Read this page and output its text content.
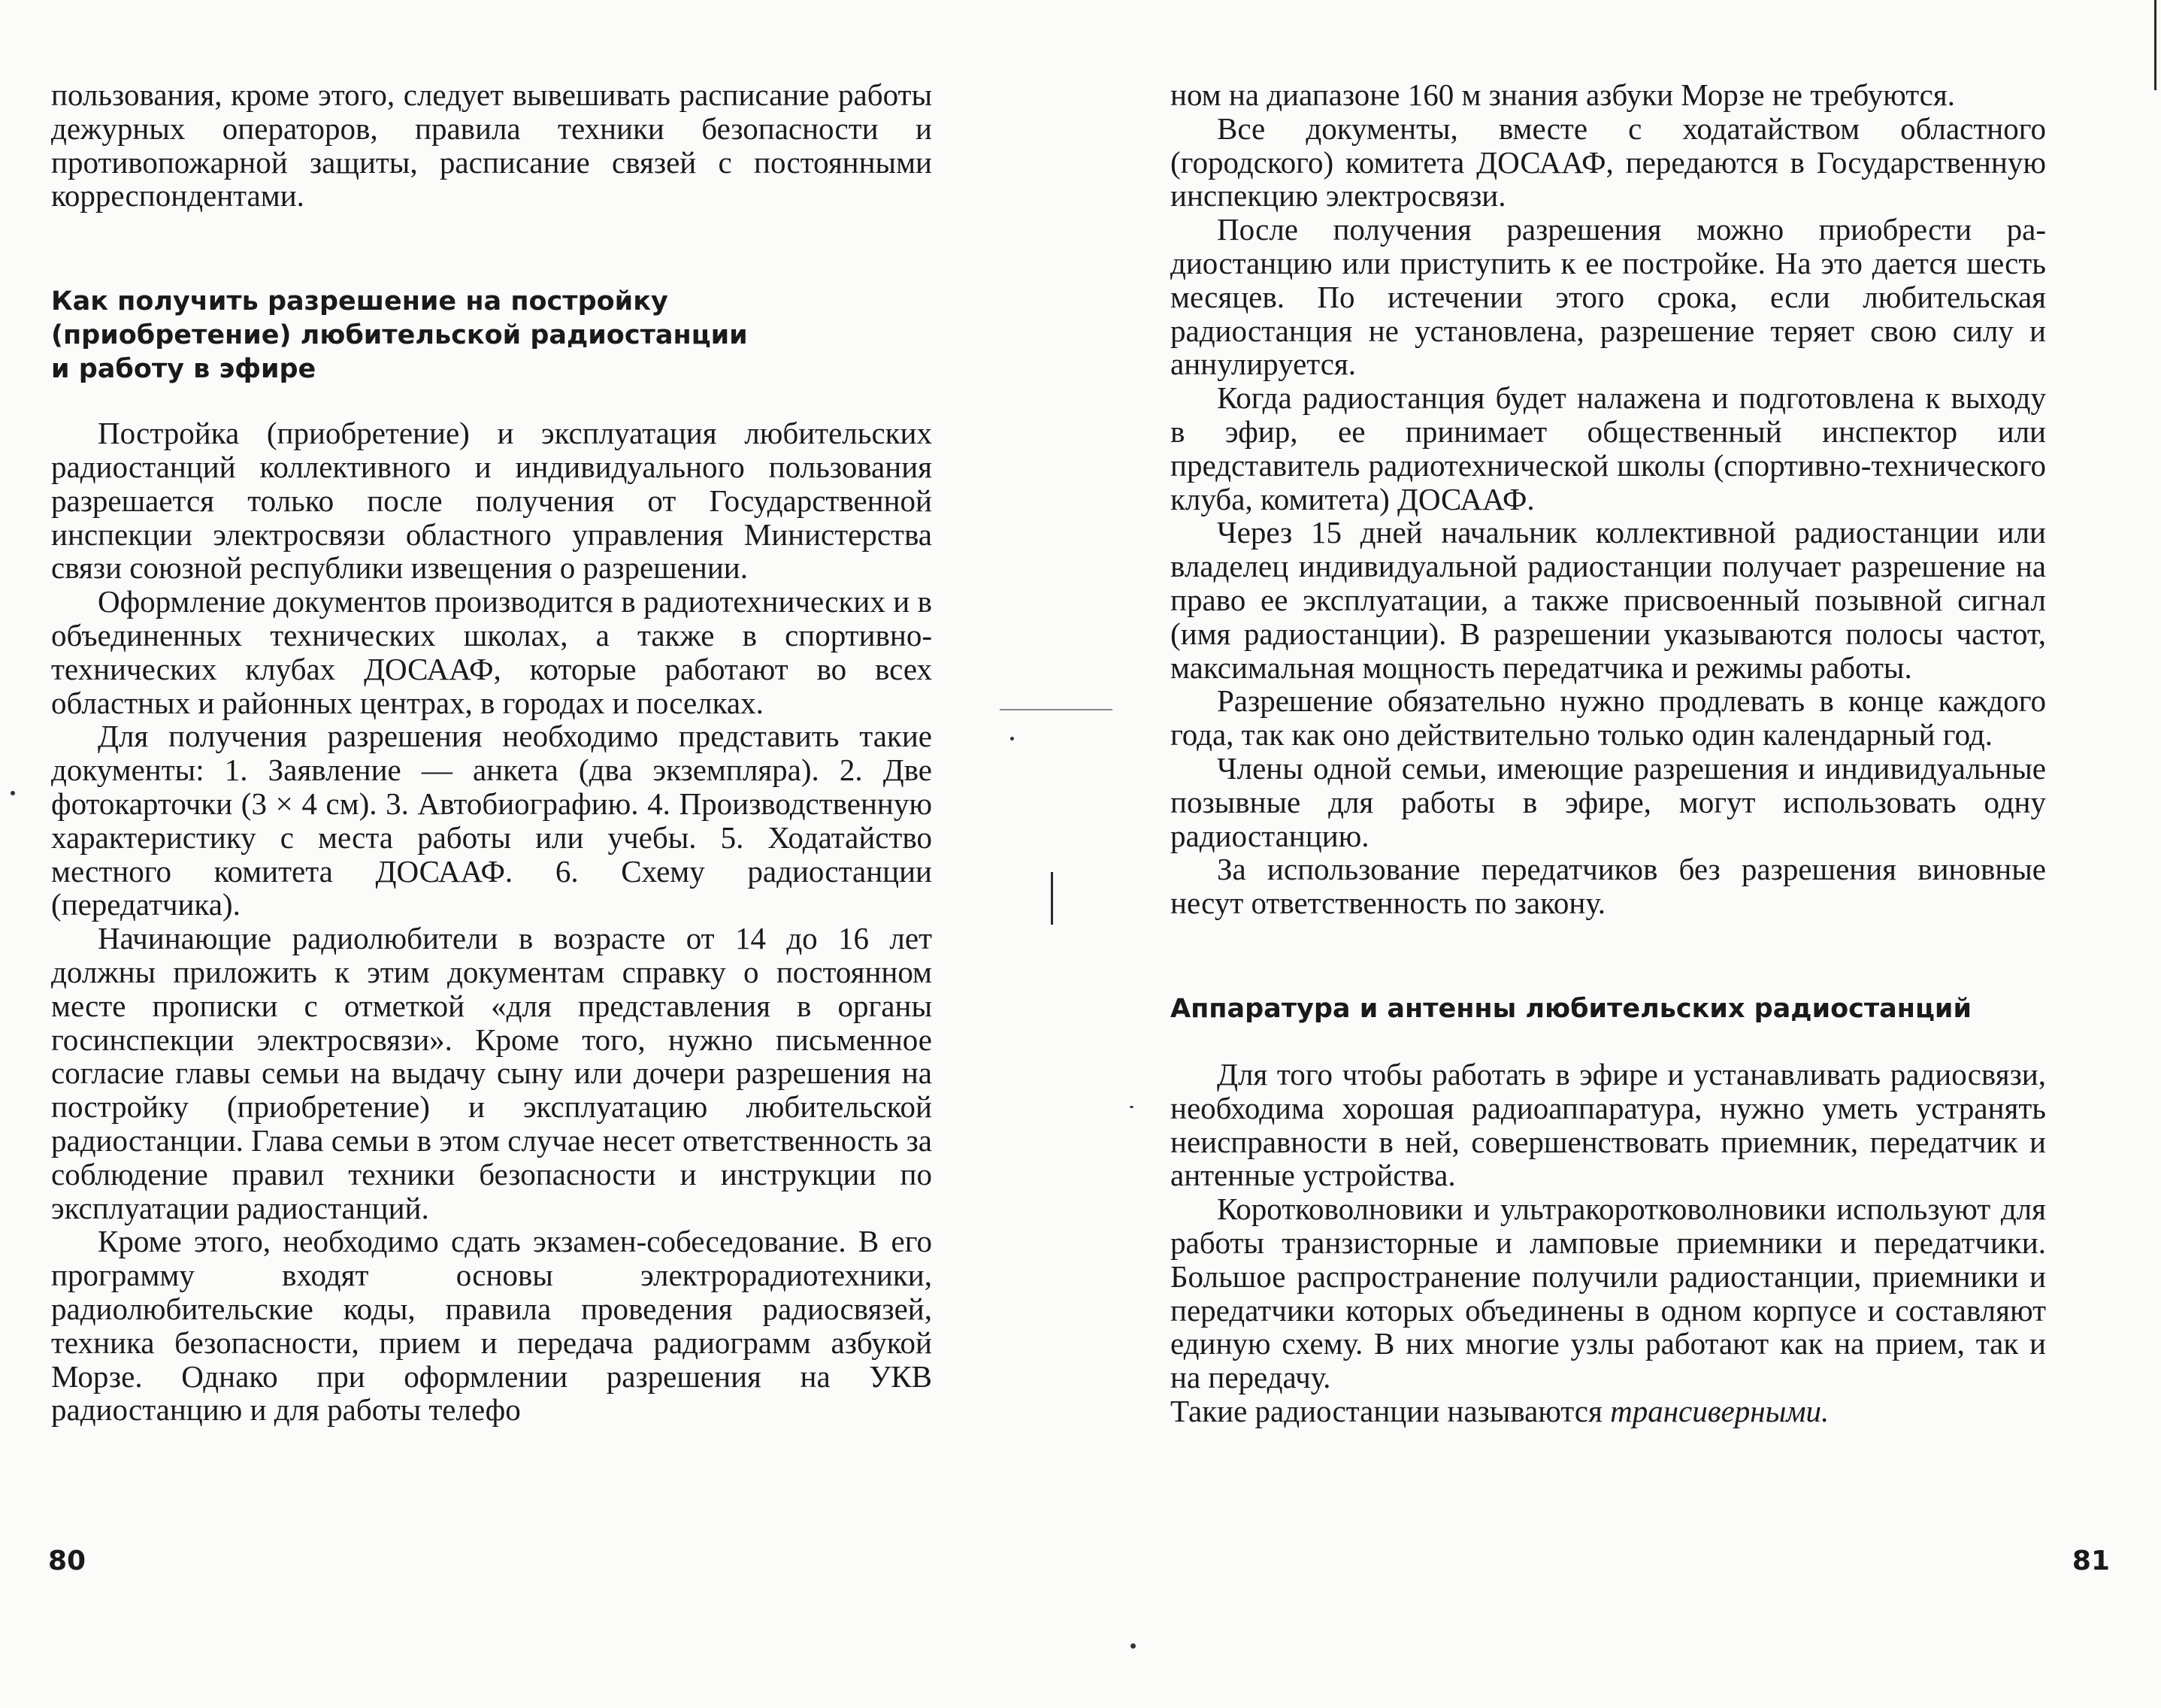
пользования, кроме этого, следует вывешивать расписание работы дежурных операторов, правила техники безопасности и противопожарной защиты, расписание связей с постоянными корреспондентами.

Как получить разрешение на постройку
(приобретение) любительской радиостанции
и работу в эфире

Постройка (приобретение) и эксплуатация любительских радиостанций коллективного и индивидуального пользования разрешается только после получения от Государственной инспекции электросвязи областного управления Министерства связи союзной республики извещения о разрешении.

Оформление документов производится в радиотехнических и в объединенных технических школах, а также в спортивно-технических клубах ДОСААФ, которые работают во всех областных и районных центрах, в городах и поселках.

Для получения разрешения необходимо представить такие документы: 1. Заявление — анкета (два экземпляра). 2. Две фотокарточки (3 × 4 см). 3. Автобиографию. 4. Производственную характеристику с места работы или учебы. 5. Ходатайство местного комитета ДОСААФ. 6. Схему радиостанции (передатчика).

Начинающие радиолюбители в возрасте от 14 до 16 лет должны приложить к этим документам справку о постоянном месте прописки с отметкой «для представления в органы госинспекции электросвязи». Кроме того, нужно письменное согласие главы семьи на выдачу сыну или дочери разрешения на постройку (приобретение) и эксплуатацию любительской радиостанции. Глава семьи в этом случае несет ответственность за соблюдение правил техники безопасности и инструкции по эксплуатации радиостанций.

Кроме этого, необходимо сдать экзамен-собеседование. В его программу входят основы электрорадиотехники, радиолюбительские коды, правила проведения радиосвязей, техника безопасности, прием и передача радиограмм азбукой Морзе. Однако при оформлении разрешения на УКВ радиостанцию и для работы телефо

80

ном на диапазоне 160 м знания азбуки Морзе не требуются.

Все документы, вместе с ходатайством областного (городского) комитета ДОСААФ, передаются в Государственную инспекцию электросвязи.

После получения разрешения можно приобрести радиостанцию или приступить к ее постройке. На это дается шесть месяцев. По истечении этого срока, если любительская радиостанция не установлена, разрешение теряет свою силу и аннулируется.

Когда радиостанция будет налажена и подготовлена к выходу в эфир, ее принимает общественный инспектор или представитель радиотехнической школы (спортивно-технического клуба, комитета) ДОСААФ.

Через 15 дней начальник коллективной радиостанции или владелец индивидуальной радиостанции получает разрешение на право ее эксплуатации, а также присвоенный позывной сигнал (имя радиостанции). В разрешении указываются полосы частот, максимальная мощность передатчика и режимы работы.

Разрешение обязательно нужно продлевать в конце каждого года, так как оно действительно только один календарный год.

Члены одной семьи, имеющие разрешения и индивидуальные позывные для работы в эфире, могут использовать одну радиостанцию.

За использование передатчиков без разрешения виновные несут ответственность по закону.

Аппаратура и антенны любительских радиостанций

Для того чтобы работать в эфире и устанавливать радиосвязи, необходима хорошая радиоаппаратура, нужно уметь устранять неисправности в ней, совершенствовать приемник, передатчик и антенные устройства.

Коротковолновики и ультракоротковолновики используют для работы транзисторные и ламповые приемники и передатчики. Большое распространение получили радиостанции, приемники и передатчики которых объединены в одном корпусе и составляют единую схему. В них многие узлы работают как на прием, так и на передачу.

Такие радиостанции называются трансиверными.

81
